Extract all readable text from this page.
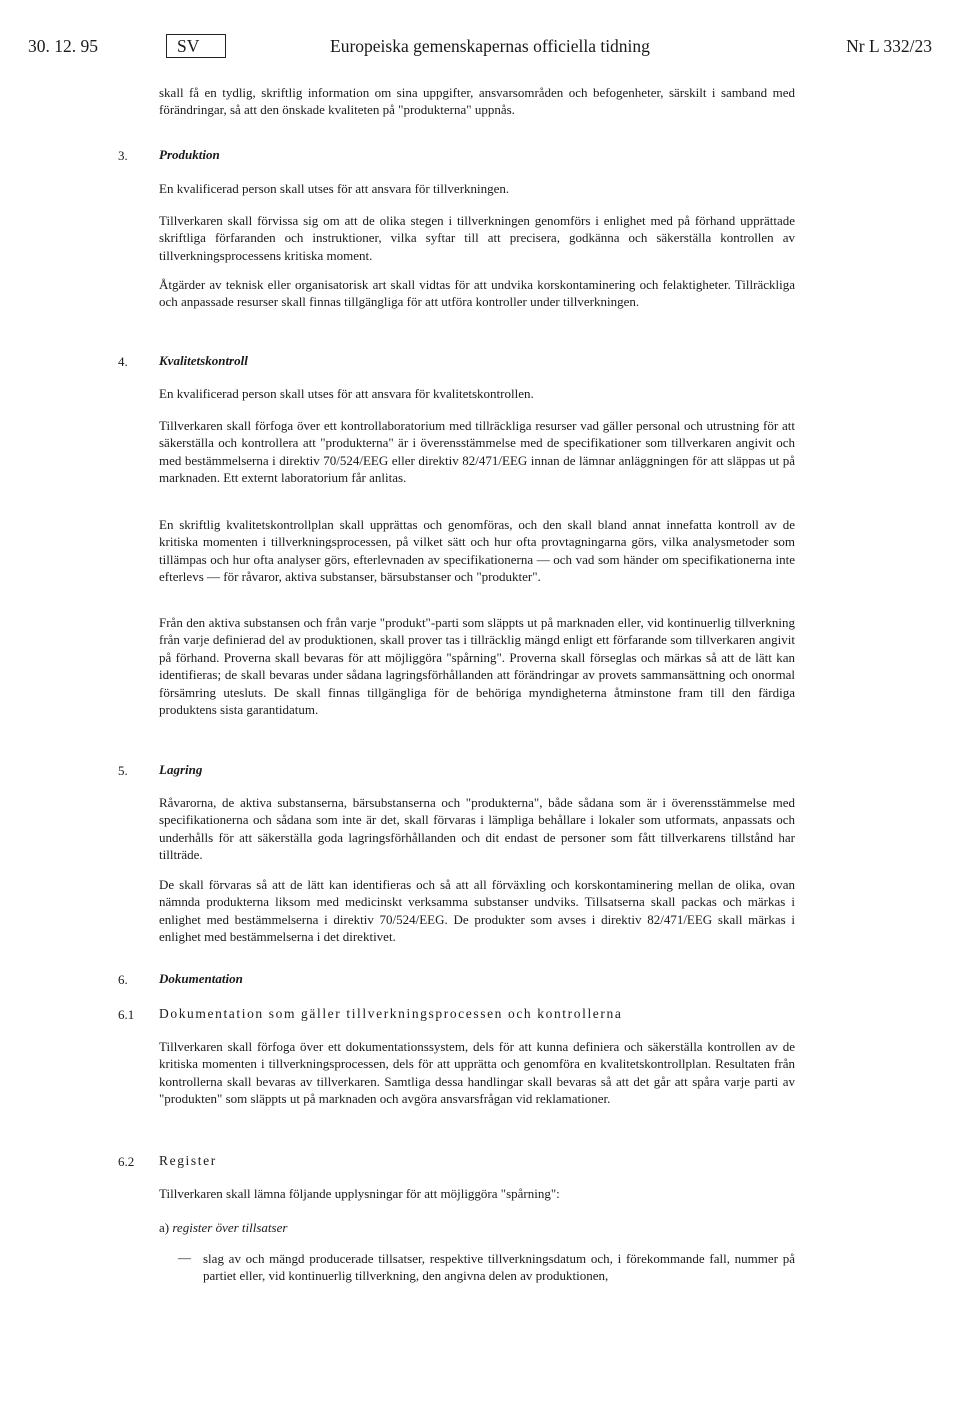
30. 12. 95	SV	Europeiska gemenskapernas officiella tidning	Nr L 332/23
skall få en tydlig, skriftlig information om sina uppgifter, ansvarsområden och befogenheter, särskilt i samband med förändringar, så att den önskade kvaliteten på "produkterna" uppnås.
3. Produktion
En kvalificerad person skall utses för att ansvara för tillverkningen.
Tillverkaren skall förvissa sig om att de olika stegen i tillverkningen genomförs i enlighet med på förhand upprättade skriftliga förfaranden och instruktioner, vilka syftar till att precisera, godkänna och säkerställa kontrollen av tillverkningsprocessens kritiska moment.
Åtgärder av teknisk eller organisatorisk art skall vidtas för att undvika korskontaminering och felaktigheter. Tillräckliga och anpassade resurser skall finnas tillgängliga för att utföra kontroller under tillverkningen.
4. Kvalitetskontroll
En kvalificerad person skall utses för att ansvara för kvalitetskontrollen.
Tillverkaren skall förfoga över ett kontrollaboratorium med tillräckliga resurser vad gäller personal och utrustning för att säkerställa och kontrollera att "produkterna" är i överensstämmelse med de specifikationer som tillverkaren angivit och med bestämmelserna i direktiv 70/524/EEG eller direktiv 82/471/EEG innan de lämnar anläggningen för att släppas ut på marknaden. Ett externt laboratorium får anlitas.
En skriftlig kvalitetskontrollplan skall upprättas och genomföras, och den skall bland annat innefatta kontroll av de kritiska momenten i tillverkningsprocessen, på vilket sätt och hur ofta provtagningarna görs, vilka analysmetoder som tillämpas och hur ofta analyser görs, efterlevnaden av specifikationerna — och vad som händer om specifikationerna inte efterlevs — för råvaror, aktiva substanser, bärsubstanser och "produkter".
Från den aktiva substansen och från varje "produkt"-parti som släppts ut på marknaden eller, vid kontinuerlig tillverkning från varje definierad del av produktionen, skall prover tas i tillräcklig mängd enligt ett förfarande som tillverkaren angivit på förhand. Proverna skall bevaras för att möjliggöra "spårning". Proverna skall förseglas och märkas så att de lätt kan identifieras; de skall bevaras under sådana lagringsförhållanden att förändringar av provets sammansättning och onormal försämring utesluts. De skall finnas tillgängliga för de behöriga myndigheterna åtminstone fram till den färdiga produktens sista garantidatum.
5. Lagring
Råvarorna, de aktiva substanserna, bärsubstanserna och "produkterna", både sådana som är i överensstämmelse med specifikationerna och sådana som inte är det, skall förvaras i lämpliga behållare i lokaler som utformats, anpassats och underhålls för att säkerställa goda lagringsförhållanden och dit endast de personer som fått tillverkarens tillstånd har tillträde.
De skall förvaras så att de lätt kan identifieras och så att all förväxling och korskontaminering mellan de olika, ovan nämnda produkterna liksom med medicinskt verksamma substanser undviks. Tillsatserna skall packas och märkas i enlighet med bestämmelserna i direktiv 70/524/EEG. De produkter som avses i direktiv 82/471/EEG skall märkas i enlighet med bestämmelserna i det direktivet.
6. Dokumentation
6.1 Dokumentation som gäller tillverkningsprocessen och kontrollerna
Tillverkaren skall förfoga över ett dokumentationssystem, dels för att kunna definiera och säkerställa kontrollen av de kritiska momenten i tillverkningsprocessen, dels för att upprätta och genomföra en kvalitetskontrollplan. Resultaten från kontrollerna skall bevaras av tillverkaren. Samtliga dessa handlingar skall bevaras så att det går att spåra varje parti av "produkten" som släppts ut på marknaden och avgöra ansvarsfrågan vid reklamationer.
6.2 Register
Tillverkaren skall lämna följande upplysningar för att möjliggöra "spårning":
a) register över tillsatser
— slag av och mängd producerade tillsatser, respektive tillverkningsdatum och, i förekommande fall, nummer på partiet eller, vid kontinuerlig tillverkning, den angivna delen av produktionen,
